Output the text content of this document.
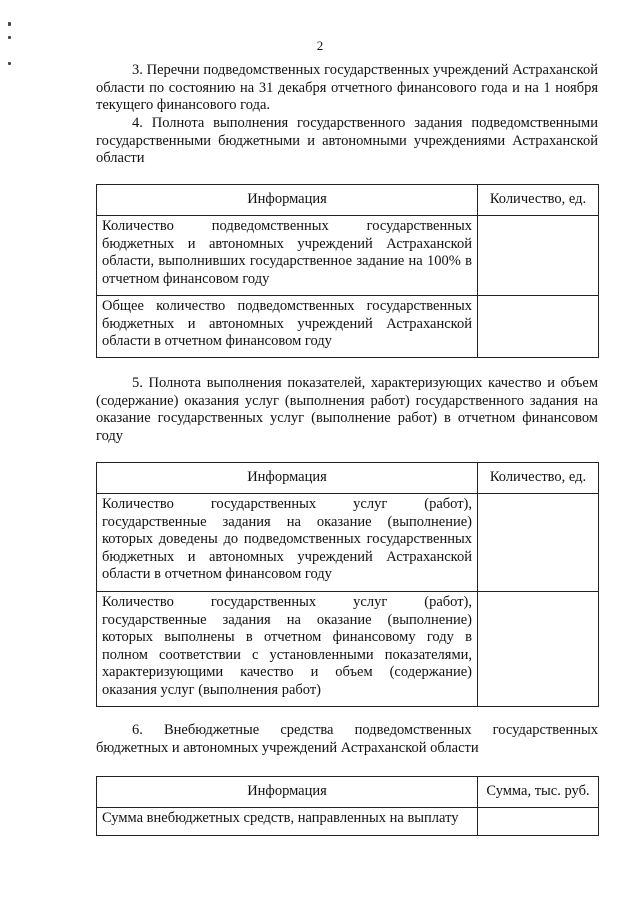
2

3. Перечни подведомственных государственных учреждений Астраханской области по состоянию на 31 декабря отчетного финансового года и на 1 ноября текущего финансового года.

4. Полнота выполнения государственного задания подведомственными государственными бюджетными и автономными учреждениями Астраханской области

Информация	Количество, ед.
Количество подведомственных государственных бюджетных и автономных учреждений Астраханской области, выполнивших государственное задание на 100% в отчетном финансовом году	
Общее количество подведомственных государственных бюджетных и автономных учреждений Астраханской области в отчетном финансовом году	

5. Полнота выполнения показателей, характеризующих качество и объем (содержание) оказания услуг (выполнения работ) государственного задания на оказание государственных услуг (выполнение работ) в отчетном финансовом году

Информация	Количество, ед.
Количество государственных услуг (работ), государственные задания на оказание (выполнение) которых доведены до подведомственных государственных бюджетных и автономных учреждений Астраханской области в отчетном финансовом году	
Количество государственных услуг (работ), государственные задания на оказание (выполнение) которых выполнены в отчетном финансовому году в полном соответствии с установленными показателями, характеризующими качество и объем (содержание) оказания услуг (выполнения работ)	

6. Внебюджетные средства подведомственных государственных бюджетных и автономных учреждений Астраханской области

Информация	Сумма, тыс. руб.
Сумма внебюджетных средств, направленных на выплату	
